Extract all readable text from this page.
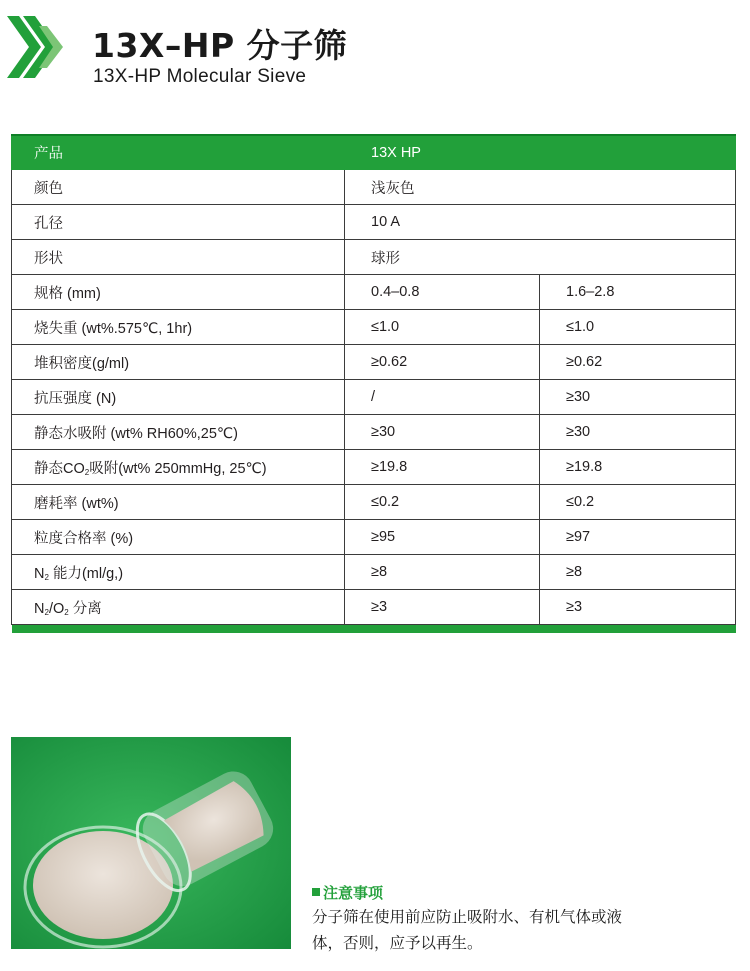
13X–HP 分子筛
13X-HP Molecular Sieve
产品	13X HP	
颜色	浅灰色	
孔径	10 A	
形状	球形	
规格 (mm)	0.4–0.8	1.6–2.8
烧失重 (wt%.575℃, 1hr)	≤1.0	≤1.0
堆积密度(g/ml)	≥0.62	≥0.62
抗压强度 (N)	/	≥30
静态水吸附 (wt% RH60%,25℃)	≥30	≥30
静态$CO_2$吸附(wt% 250mmHg, 25℃)	≥19.8	≥19.8
磨耗率 (wt%)	≤0.2	≤0.2
粒度合格率 (%)	≥95	≥97
$N_2$ 能力(ml/g,)	≥8	≥8
$N_2/O_2$ 分离	≥3	≥3

注意事项
分子筛在使用前应防止吸附水、有机气体或液体，否则，应予以再生。
